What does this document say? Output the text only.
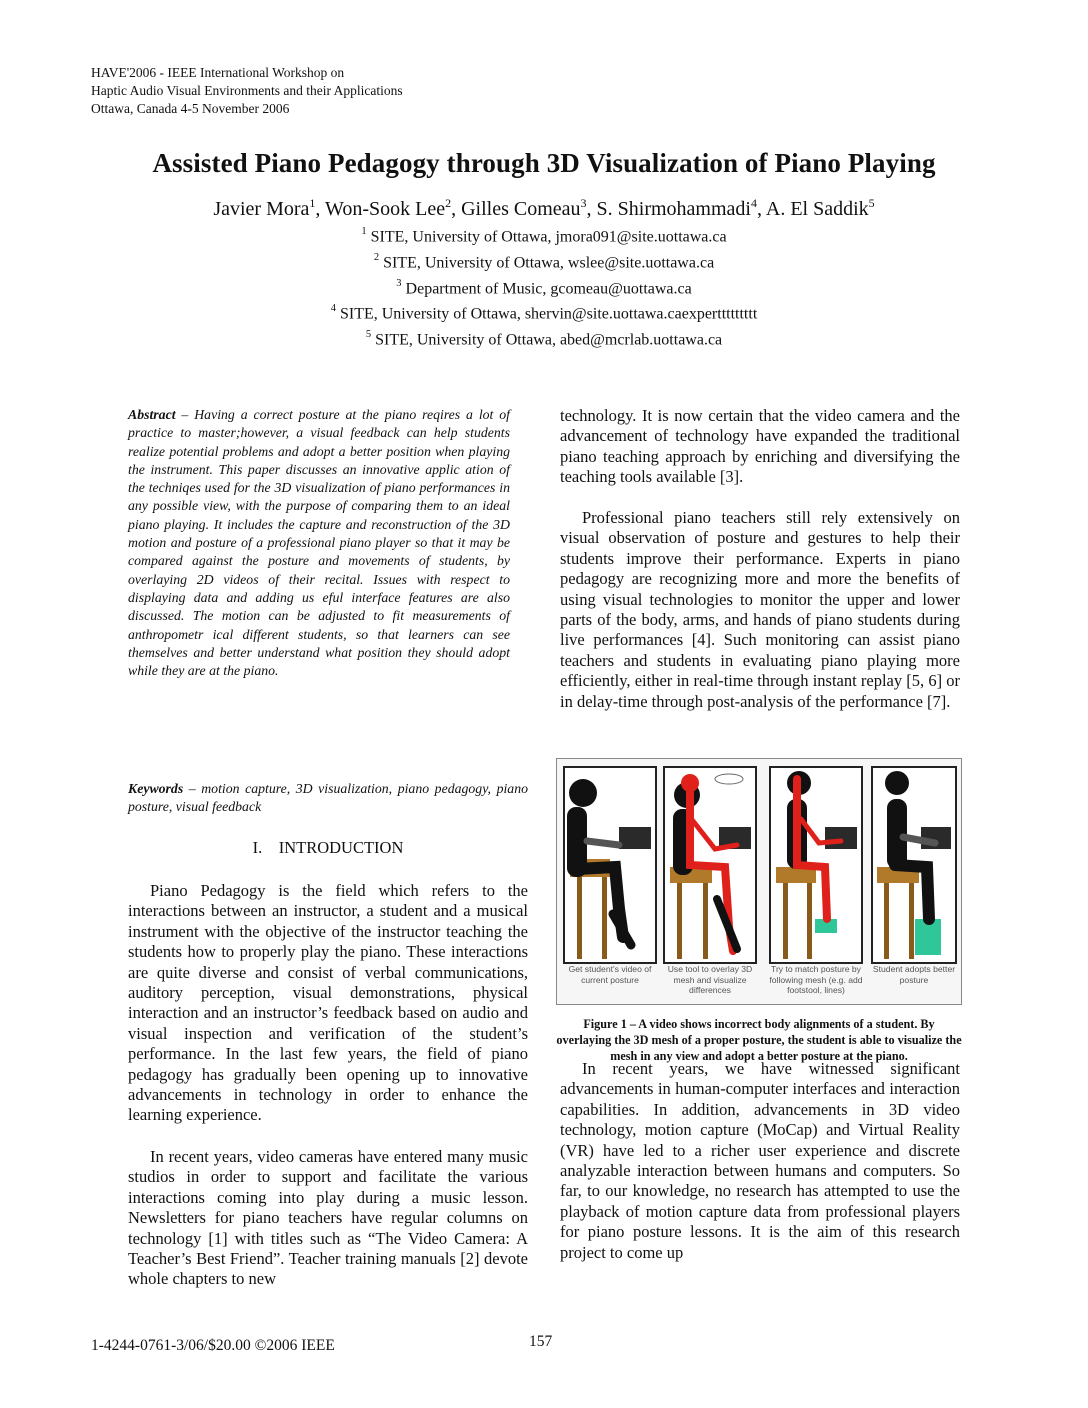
HAVE'2006 - IEEE International Workshop on
Haptic Audio Visual Environments and their Applications
Ottawa, Canada 4-5 November 2006
Assisted Piano Pedagogy through 3D Visualization of Piano Playing
Javier Mora$^1$, Won-Sook Lee$^2$, Gilles Comeau$^3$, S. Shirmohammadi$^4$, A. El Saddik$^5$
$^1$ SITE, University of Ottawa, jmora091@site.uottawa.ca
$^2$ SITE, University of Ottawa, wslee@site.uottawa.ca
$^3$ Department of Music, gcomeau@uottawa.ca
$^4$ SITE, University of Ottawa, shervin@site.uottawa.caexperttttttttt
$^5$ SITE, University of Ottawa, abed@mcrlab.uottawa.ca
Abstract – Having a correct posture at the piano reqires a lot of practice to master;however, a visual feedback can help students realize potential problems and adopt a better position when playing the instrument. This paper discusses an innovative applic ation of the techniqes used for the 3D visualization of piano performances in any possible view, with the purpose of comparing them to an ideal piano playing. It includes the capture and reconstruction of the 3D motion and posture of a professional piano player so that it may be compared against the posture and movements of students, by overlaying 2D videos of their recital. Issues with respect to displaying data and adding us eful interface features are also discussed. The motion can be adjusted to fit measurements of anthropometr ical different students, so that learners can see themselves and better understand what position they should adopt while they are at the piano.
Keywords – motion capture, 3D visualization, piano pedagogy, piano posture, visual feedback
I. INTRODUCTION

Piano Pedagogy is the field which refers to the interactions between an instructor, a student and a musical instrument with the objective of the instructor teaching the students how to properly play the piano. These interactions are quite diverse and consist of verbal communications, auditory perception, visual demonstrations, physical interaction and an instructor’s feedback based on audio and visual inspection and verification of the student’s performance. In the last few years, the field of piano pedagogy has gradually been opening up to innovative advancements in technology in order to enhance the learning experience.

In recent years, video cameras have entered many music studios in order to support and facilitate the various interactions coming into play during a music lesson. Newsletters for piano teachers have regular columns on technology [1] with titles such as “The Video Camera: A Teacher’s Best Friend”. Teacher training manuals [2] devote whole chapters to new

technology. It is now certain that the video camera and the advancement of technology have expanded the traditional piano teaching approach by enriching and diversifying the teaching tools available [3].

Professional piano teachers still rely extensively on visual observation of posture and gestures to help their students improve their performance. Experts in piano pedagogy are recognizing more and more the benefits of using visual technologies to monitor the upper and lower parts of the body, arms, and hands of piano students during live performances [4]. Such monitoring can assist piano teachers and students in evaluating piano playing more efficiently, either in real-time through instant replay [5, 6] or in delay-time through post-analysis of the performance [7].

Get student's video of current posture
Use tool to overlay 3D mesh and visualize differences
Try to match posture by following mesh (e.g. add footstool, lines)
Student adopts better posture
Figure 1 – A video shows incorrect body alignments of a student. By overlaying the 3D mesh of a proper posture, the student is able to visualize the mesh in any view and adopt a better posture at the piano.

In recent years, we have witnessed significant advancements in human-computer interfaces and interaction capabilities. In addition, advancements in 3D video technology, motion capture (MoCap) and Virtual Reality (VR) have led to a richer user experience and discrete analyzable interaction between humans and computers. So far, to our knowledge, no research has attempted to use the playback of motion capture data from professional players for piano posture lessons. It is the aim of this research project to come up

1-4244-0761-3/06/$20.00 ©2006 IEEE	157
